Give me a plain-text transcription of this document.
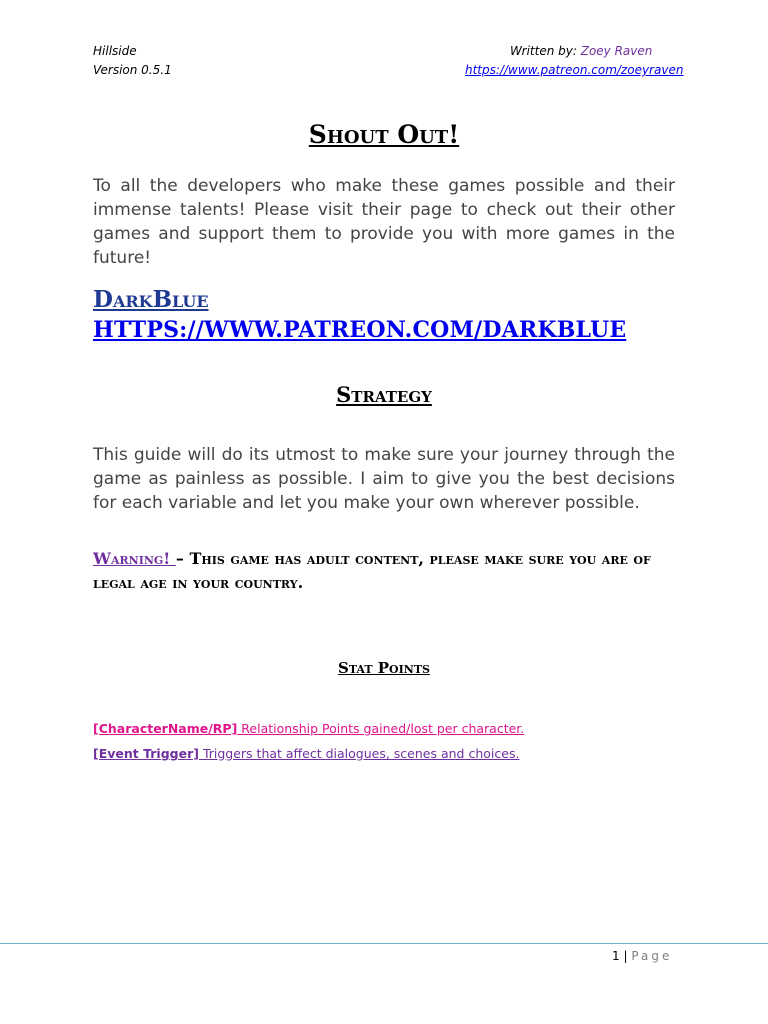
Hillside
Version 0.5.1
Written by: Zoey Raven
https://www.patreon.com/zoeyraven
Shout Out!
To all the developers who make these games possible and their immense talents! Please visit their page to check out their other games and support them to provide you with more games in the future!
DarkBlue
HTTPS://WWW.PATREON.COM/DARKBLUE
Strategy
This guide will do its utmost to make sure your journey through the game as painless as possible. I aim to give you the best decisions for each variable and let you make your own wherever possible.
Warning! – This game has adult content, please make sure you are of legal age in your country.
Stat Points
[CharacterName/RP] Relationship Points gained/lost per character.
[Event Trigger] Triggers that affect dialogues, scenes and choices.
1 | Page
